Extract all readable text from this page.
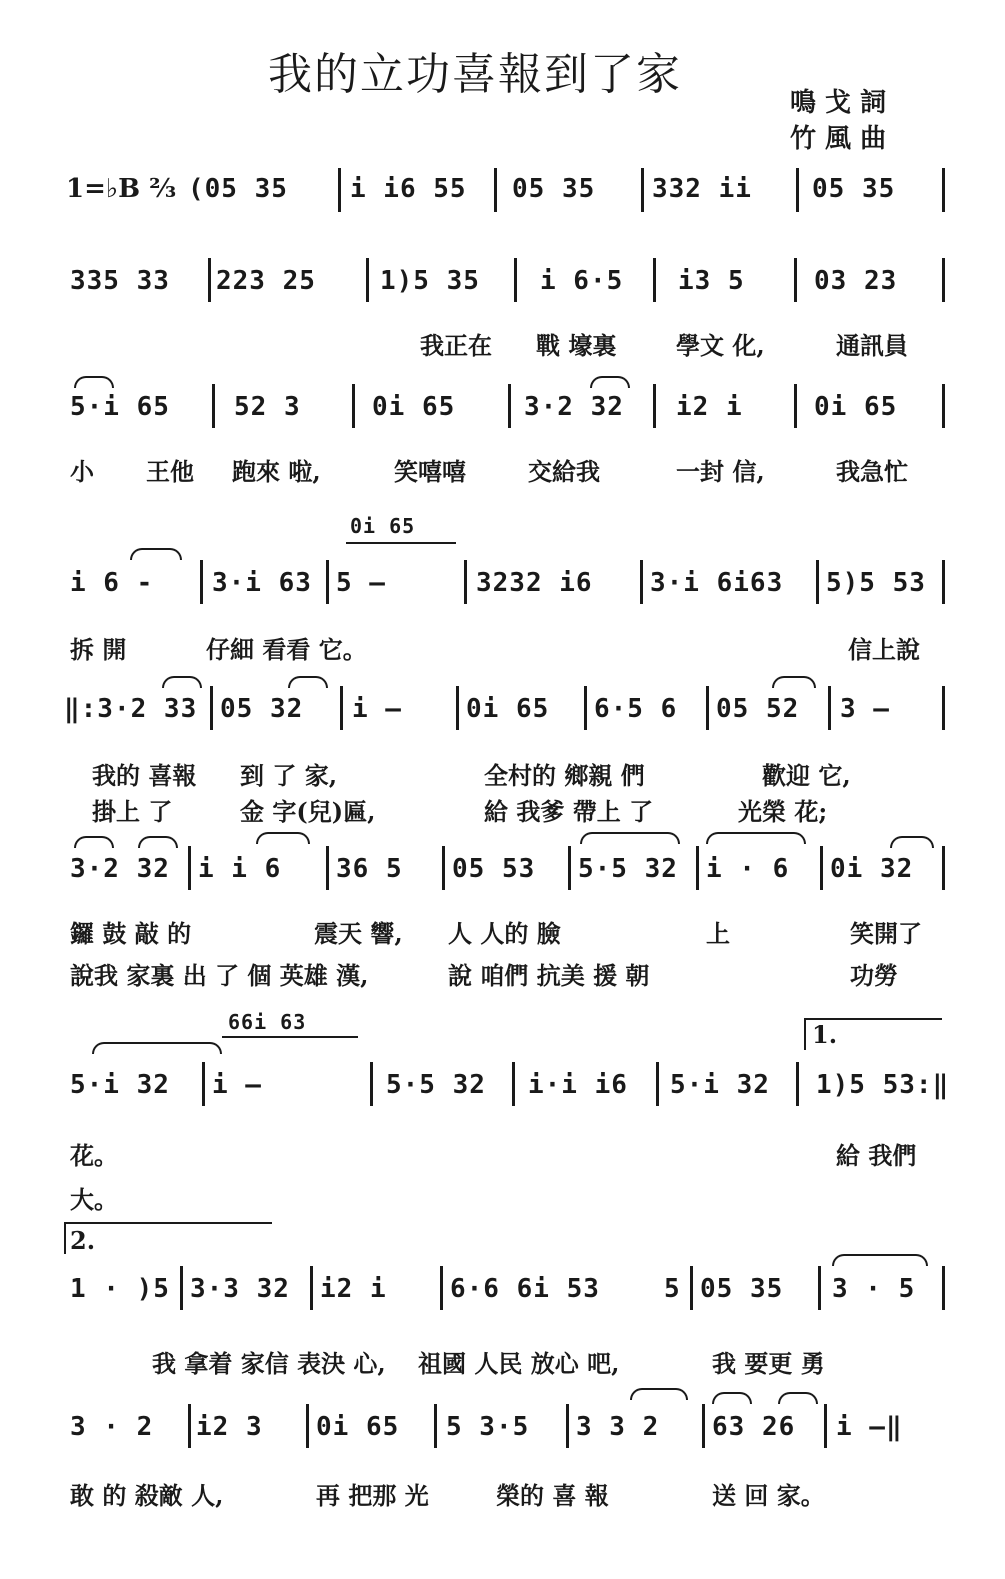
我的立功喜報到了家
鳴 戈 詞
竹 風 曲
1=♭B ⅔ (05 35 i i6 55 05 35 332 ii 05 35
335 33 223 25 1)5 35 i 6·5 i3 5	03 23
我正在 戰 壕裏 學文 化,	通訊員
5·i 65 52 3	0i 65	3·2 32 i2 i	0i 65
小 王他 跑來 啦,	笑嘻嘻	交給我	一封 信,	我急忙
0i 65
i 6 - 3·i 63 5 —	3232 i6 3·i 6i63 5)5 53
拆 開	仔細 看看 它。	信上說
‖:3·2 33 05 32 i — 0i 65 6·5 6 05 52 3 —
我的 喜報 到 了 家,	全村的 鄉親 們	歡迎 它,
掛上 了	金 字(兒)匾,	給 我爹 帶上 了	光榮 花;
3·2 32 i i 6 36 5 05 53 5·5 32 i · 6 0i 32
鑼 鼓 敲 的	震天 響, 人 人的 臉	上	笑開了
說我 家裏 出 了 個 英雄 漢,	說 咱們 抗美 援 朝	功勞
66i 63	1.
5·i 32 i —	5·5 32 i·i i6 5·i 32 1)5 53:‖
花。	給 我們
大。
2.
1 · )5 3·3 32 i2 i 6·6 6i 53 5 05 35 3 · 5
我 拿着 家信 表決 心, 祖國 人民 放心 吧,	我 要更 勇
3 · 2 i2 3 0i 65 5 3·5 3 3 2 63 26 i —‖
敢 的 殺敵 人,	再 把那 光	榮的 喜 報	送 回 家。
